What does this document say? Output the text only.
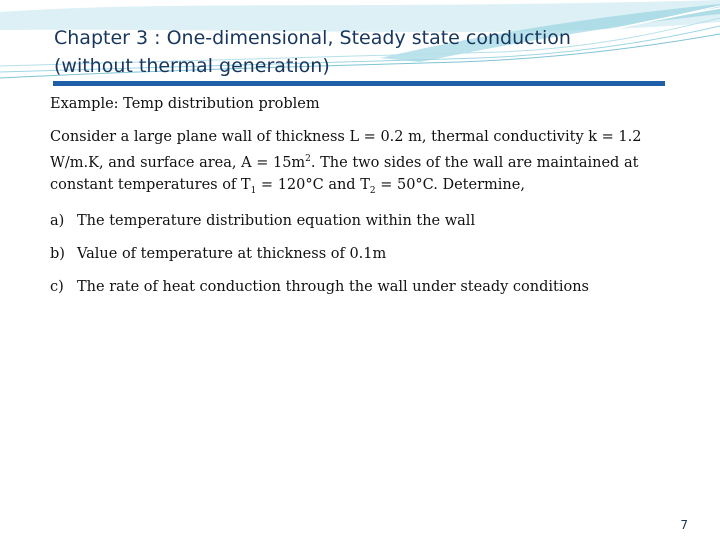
Chapter 3 : One-dimensional, Steady state conduction
(without thermal generation)

Example: Temp distribution problem

Consider a large plane wall of thickness L = 0.2 m, thermal conductivity k = 1.2 W/m.K, and surface area, $A = 15m^2$. The two sides of the wall are maintained at constant temperatures of $T_1 = 120^\circ C$ and $T_2 = 50^\circ C$. Determine,

a) The temperature distribution equation within the wall
b) Value of temperature at thickness of 0.1m
c) The rate of heat conduction through the wall under steady conditions
7
